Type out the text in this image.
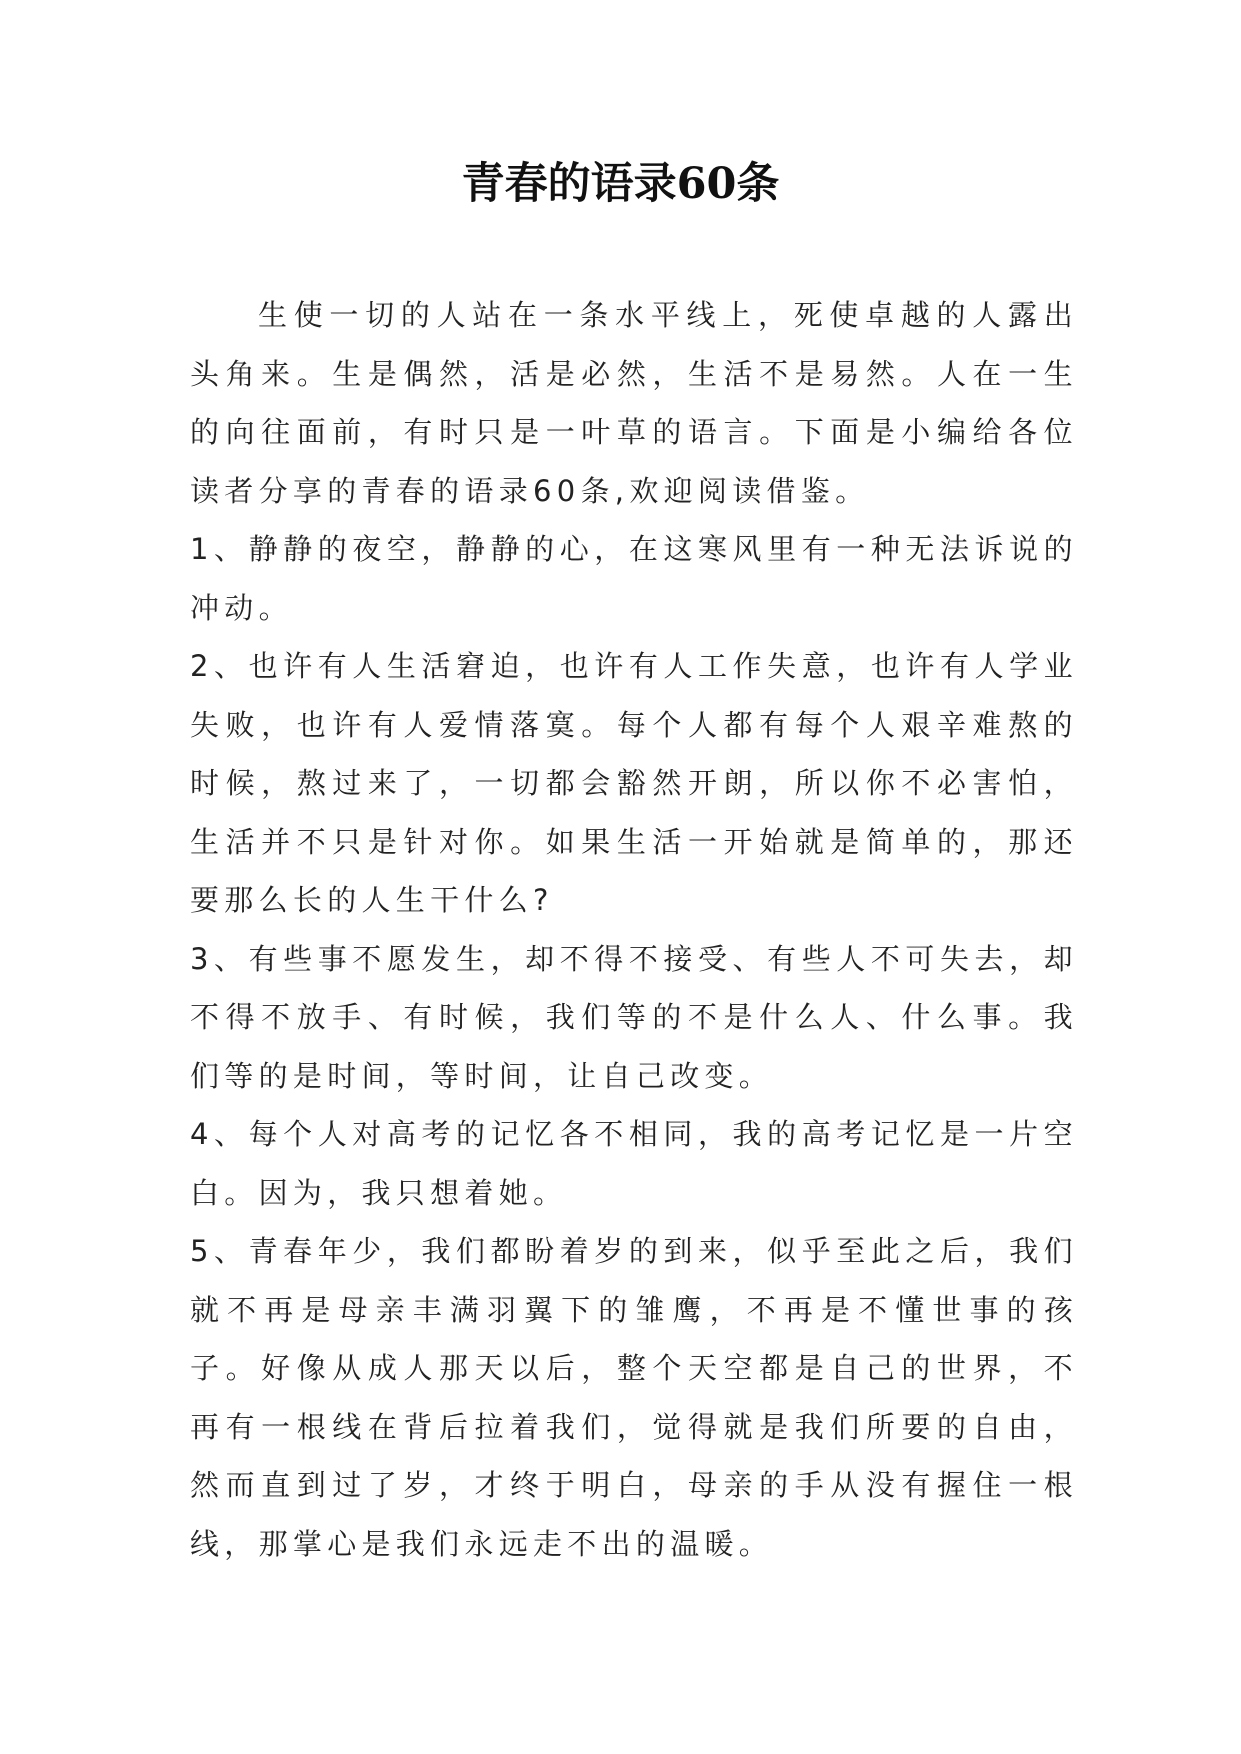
青春的语录60条

生使一切的人站在一条水平线上，死使卓越的人露出头角来。生是偶然，活是必然，生活不是易然。人在一生的向往面前，有时只是一叶草的语言。下面是小编给各位读者分享的青春的语录60条,欢迎阅读借鉴。

1、静静的夜空，静静的心，在这寒风里有一种无法诉说的冲动。

2、也许有人生活窘迫，也许有人工作失意，也许有人学业失败，也许有人爱情落寞。每个人都有每个人艰辛难熬的时候，熬过来了，一切都会豁然开朗，所以你不必害怕，生活并不只是针对你。如果生活一开始就是简单的，那还要那么长的人生干什么?

3、有些事不愿发生，却不得不接受、有些人不可失去，却不得不放手、有时候，我们等的不是什么人、什么事。我们等的是时间，等时间，让自己改变。

4、每个人对高考的记忆各不相同，我的高考记忆是一片空白。因为，我只想着她。

5、青春年少，我们都盼着岁的到来，似乎至此之后，我们就不再是母亲丰满羽翼下的雏鹰，不再是不懂世事的孩子。好像从成人那天以后，整个天空都是自己的世界，不再有一根线在背后拉着我们，觉得就是我们所要的自由，然而直到过了岁，才终于明白，母亲的手从没有握住一根线，那掌心是我们永远走不出的温暖。
